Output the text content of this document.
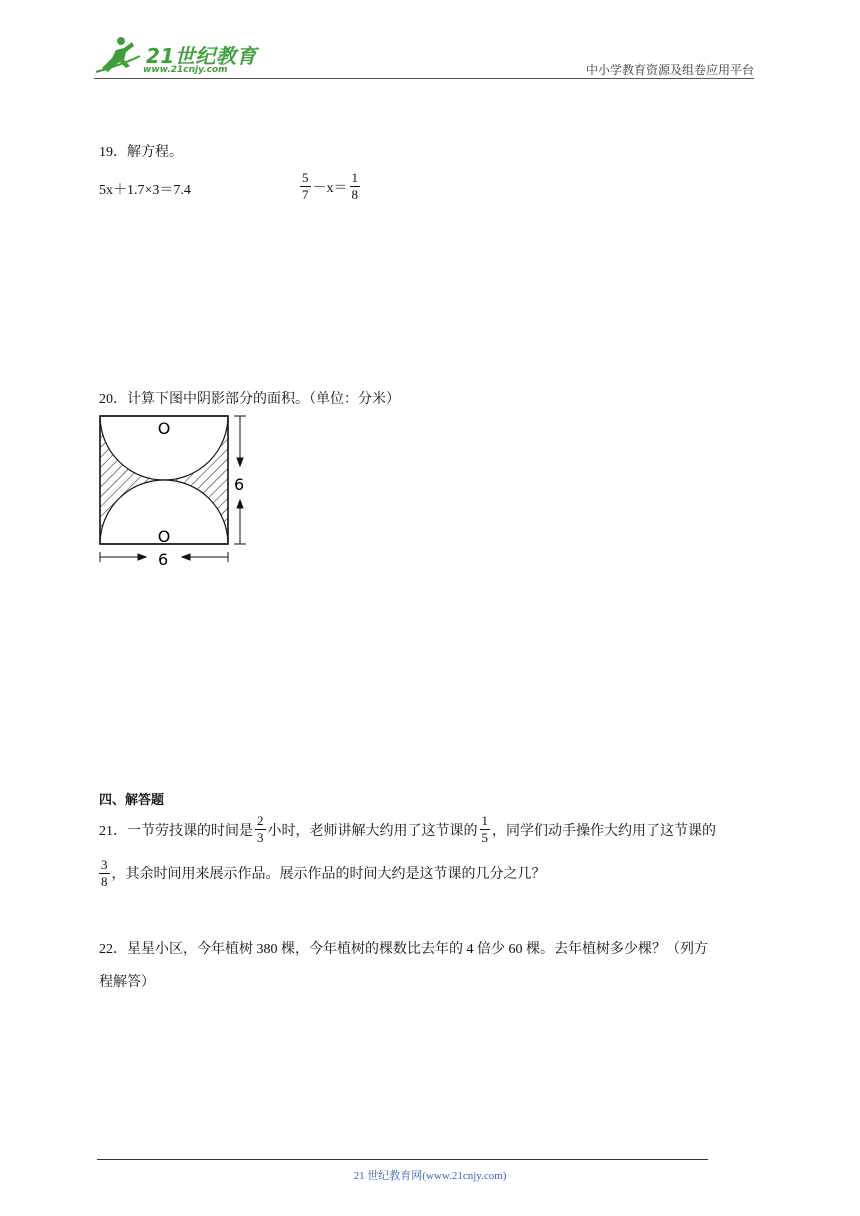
21世纪教育
www.21cnjy.com	中小学教育资源及组卷应用平台
19．解方程。
5x＋1.7×3＝7.4	$\frac{5}{7} -x= \frac{1}{8}$
20．计算下图中阴影部分的面积。（单位：分米）
O
O
6
6
四、解答题
21．一节劳技课的时间是 $\frac{2}{3}$ 小时，老师讲解大约用了这节课的 $\frac{1}{5}$ ，同学们动手操作大约用了这节课的
$\frac{3}{8}$ ，其余时间用来展示作品。展示作品的时间大约是这节课的几分之几？
22．星星小区，今年植树 380 棵，今年植树的棵数比去年的 4 倍少 60 棵。去年植树多少棵？（列方
程解答）
21 世纪教育网(www.21cnjy.com)
